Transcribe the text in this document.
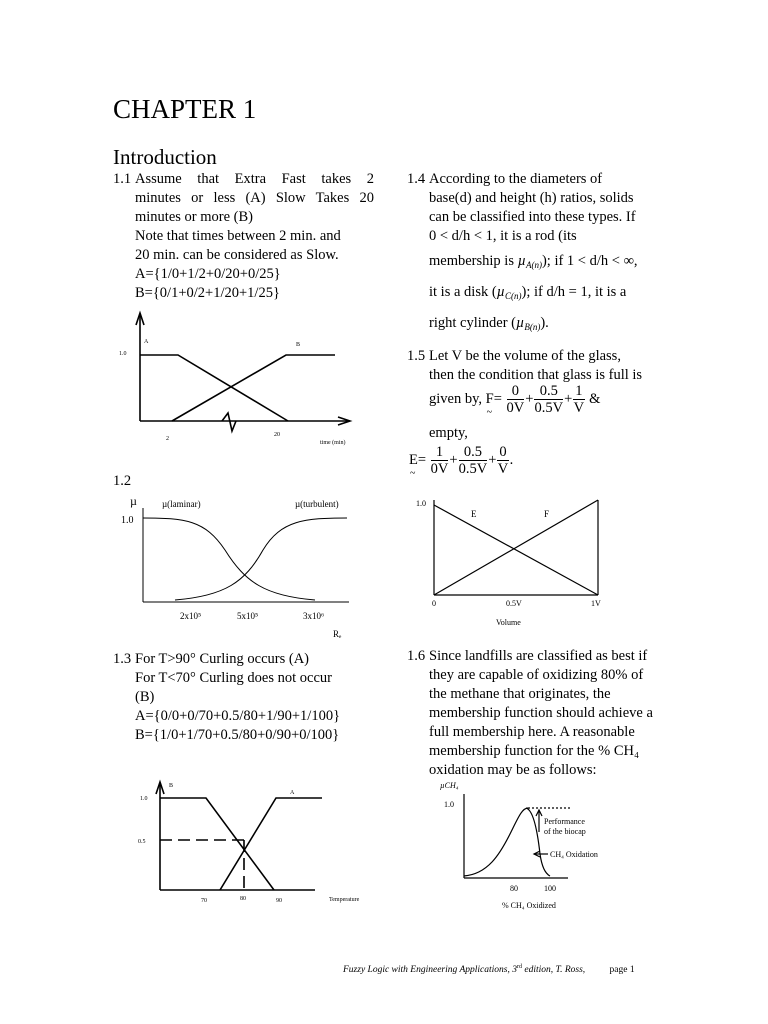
CHAPTER 1
Introduction
1.1 Assume that Extra Fast takes 2
minutes or less (A) Slow Takes 20
minutes or more (B)
Note that times between 2 min. and
20 min. can be considered as Slow.
A={1/0+1/2+0/20+0/25}
B={0/1+0/2+1/20+1/25}
A	B
1.0
2
20
time (min)
1.2
µ
1.0
µ(laminar)	µ(turbulent)
2x10⁵	5x10⁵	3x10⁶
Rₑ
1.3 For T>90° Curling occurs (A)
For T<70° Curling does not occur
(B)
A={0/0+0/70+0.5/80+1/90+1/100}
B={1/0+1/70+0.5/80+0/90+0/100}
B
A
1.0
0.5
70	80	90	Temperature
1.4 According to the diameters of
base(d) and height (h) ratios, solids
can be classified into these types. If
0 < d/h < 1, it is a rod (its
membership is µ$_{A(n)}$); if 1 < d/h < ∞,
it is a disk (µ$_{C(n)}$); if d/h = 1, it is a
right cylinder (µ$_{B(n)}$).
1.5 Let V be the volume of the glass,
then the condition that glass is full is
given by, F ~= $\frac{0}{0V} + \frac{0.5}{0.5V} + \frac{1}{V}$ &
empty,
E ~= $\frac{1}{0V} + \frac{0.5}{0.5V} + \frac{0}{V}$ .
1.0
E	F
0	0.5V	1V
Volume
1.6 Since landfills are classified as best if
they are capable of oxidizing 80% of
the methane that originates, the
membership function should achieve a
full membership here. A reasonable
membership function for the % CH₄
oxidation may be as follows:
µCH₄
1.0
Performance
of the biocap
CH₄ Oxidation
80	100
% CH₄ Oxidized
Fuzzy Logic with Engineering Applications, 3rd edition, T. Ross,	page 1
